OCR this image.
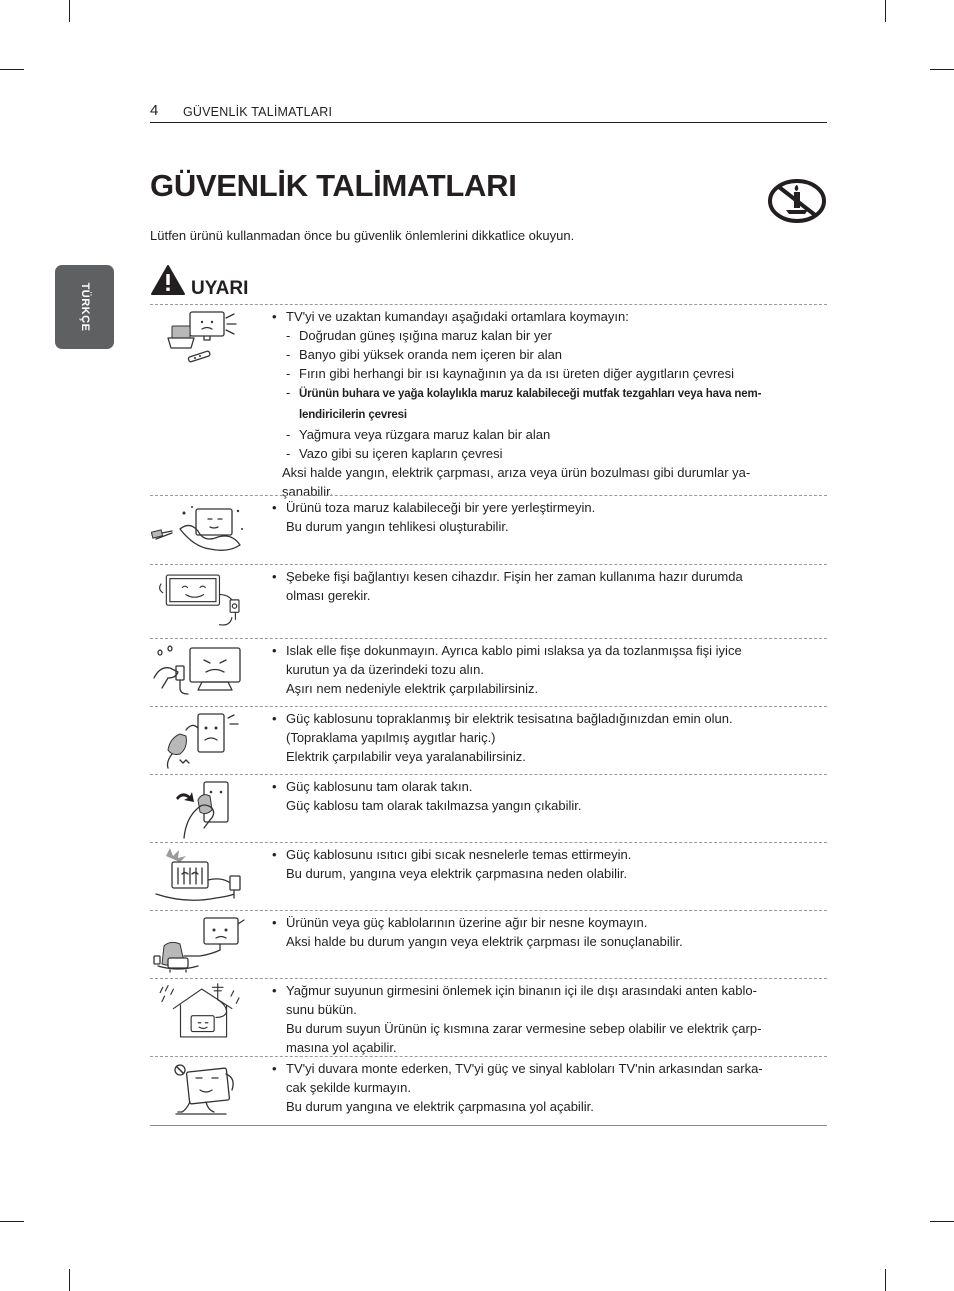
4 GÜVENLİK TALİMATLARI
GÜVENLİK TALİMATLARI
Lütfen ürünü kullanmadan önce bu güvenlik önlemlerini dikkatlice okuyun.
TÜRKÇE	UYARI
• TV'yi ve uzaktan kumandayı aşağıdaki ortamlara koymayın:
- Doğrudan güneş ışığına maruz kalan bir yer
- Banyo gibi yüksek oranda nem içeren bir alan
- Fırın gibi herhangi bir ısı kaynağının ya da ısı üreten diğer aygıtların çevresi
- Ürünün buhara ve yağa kolaylıkla maruz kalabileceği mutfak tezgahları veya hava nem-
lendiricilerin çevresi
- Yağmura veya rüzgara maruz kalan bir alan
- Vazo gibi su içeren kapların çevresi
Aksi halde yangın, elektrik çarpması, arıza veya ürün bozulması gibi durumlar ya-
şanabilir.
• Ürünü toza maruz kalabileceği bir yere yerleştirmeyin.
Bu durum yangın tehlikesi oluşturabilir.
• Şebeke fişi bağlantıyı kesen cihazdır. Fişin her zaman kullanıma hazır durumda
olması gerekir.
• Islak elle fişe dokunmayın. Ayrıca kablo pimi ıslaksa ya da tozlanmışsa fişi iyice
kurutun ya da üzerindeki tozu alın.
Aşırı nem nedeniyle elektrik çarpılabilirsiniz.
• Güç kablosunu topraklanmış bir elektrik tesisatına bağladığınızdan emin olun.
(Topraklama yapılmış aygıtlar hariç.)
Elektrik çarpılabilir veya yaralanabilirsiniz.
• Güç kablosunu tam olarak takın.
Güç kablosu tam olarak takılmazsa yangın çıkabilir.
• Güç kablosunu ısıtıcı gibi sıcak nesnelerle temas ettirmeyin.
Bu durum, yangına veya elektrik çarpmasına neden olabilir.
• Ürünün veya güç kablolarının üzerine ağır bir nesne koymayın.
Aksi halde bu durum yangın veya elektrik çarpması ile sonuçlanabilir.
• Yağmur suyunun girmesini önlemek için binanın içi ile dışı arasındaki anten kablo-
sunu bükün.
Bu durum suyun Ürünün iç kısmına zarar vermesine sebep olabilir ve elektrik çarp-
masına yol açabilir.
• TV'yi duvara monte ederken, TV'yi güç ve sinyal kabloları TV'nin arkasından sarka-
cak şekilde kurmayın.
Bu durum yangına ve elektrik çarpmasına yol açabilir.
